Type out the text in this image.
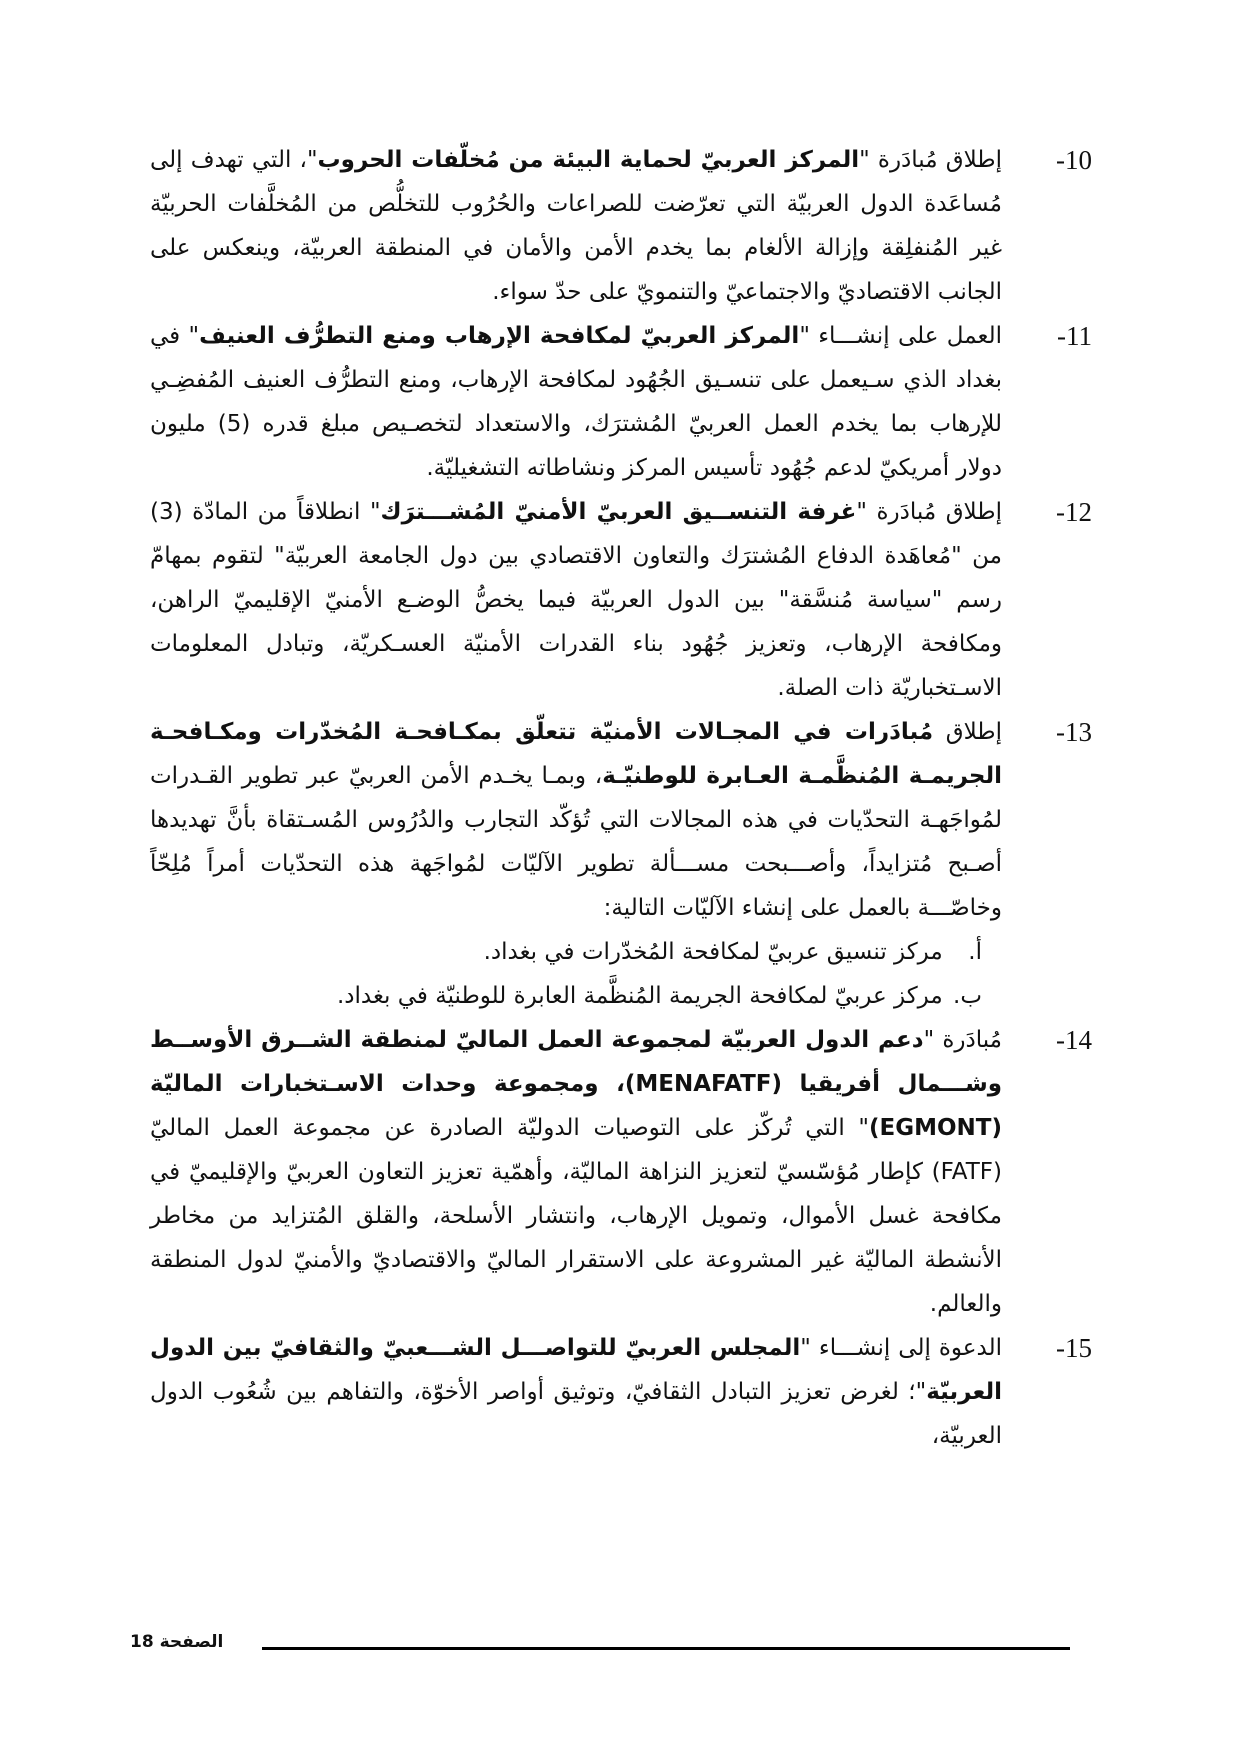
-10

إطلاق مُبادَرة "المركز العربيّ لحماية البيئة من مُخلّفات الحروب"، التي تهدف إلى مُساعَدة الدول العربيّة التي تعرّضت للصراعات والحُرُوب للتخلُّص من المُخلَّفات الحربيّة غير المُنفلِقة وإزالة الألغام بما يخدم الأمن والأمان في المنطقة العربيّة، وينعكس على الجانب الاقتصاديّ والاجتماعيّ والتنمويّ على حدّ سواء.

-11

العمل على إنشـــاء "المركز العربيّ لمكافحة الإرهاب ومنع التطرُّف العنيف" في بغداد الذي سـيعمل على تنسـيق الجُهُود لمكافحة الإرهاب، ومنع التطرُّف العنيف المُفضِـي للإرهاب بما يخدم العمل العربيّ المُشترَك، والاستعداد لتخصـيص مبلغ قدره (5) مليون دولار أمريكيّ لدعم جُهُود تأسيس المركز ونشاطاته التشغيليّة.

-12

إطلاق مُبادَرة "غرفة التنســيق العربيّ الأمنيّ المُشـــترَك" انطلاقاً من المادّة (3) من "مُعاهَدة الدفاع المُشترَك والتعاون الاقتصادي بين دول الجامعة العربيّة" لتقوم بمهامّ رسم "سياسة مُنسَّقة" بين الدول العربيّة فيما يخصُّ الوضـع الأمنيّ الإقليميّ الراهن، ومكافحة الإرهاب، وتعزيز جُهُود بناء القدرات الأمنيّة العسـكريّة، وتبادل المعلومات الاسـتخباريّة ذات الصلة.

-13

إطلاق مُبادَرات في المجـالات الأمنيّة تتعلّق بمكـافحـة المُخدّرات ومكـافحـة الجريمـة المُنظَّمـة العـابرة للوطنيّـة، وبمـا يخـدم الأمن العربيّ عبر تطوير القـدرات لمُواجَهـة التحدّيات في هذه المجالات التي تُؤكّد التجارب والدُرُوس المُسـتقاة بأنَّ تهديدها أصـبح مُتزايداً، وأصـــبحت مســـألة تطوير الآليّات لمُواجَهة هذه التحدّيات أمراً مُلِحّاً وخاصّـــة بالعمل على إنشاء الآليّات التالية:

أ. مركز تنسيق عربيّ لمكافحة المُخدّرات في بغداد.
ب. مركز عربيّ لمكافحة الجريمة المُنظَّمة العابرة للوطنيّة في بغداد.
-14

مُبادَرة "دعم الدول العربيّة لمجموعة العمل الماليّ لمنطقة الشــرق الأوســط وشـــمال أفريقيا (MENAFATF)، ومجموعة وحدات الاسـتخبارات الماليّة (EGMONT)" التي تُركّز على التوصيات الدوليّة الصادرة عن مجموعة العمل الماليّ (FATF) كإطار مُؤسّسيّ لتعزيز النزاهة الماليّة، وأهمّية تعزيز التعاون العربيّ والإقليميّ في مكافحة غسل الأموال، وتمويل الإرهاب، وانتشار الأسلحة، والقلق المُتزايد من مخاطر الأنشطة الماليّة غير المشروعة على الاستقرار الماليّ والاقتصاديّ والأمنيّ لدول المنطقة والعالم.

-15

الدعوة إلى إنشـــاء "المجلس العربيّ للتواصـــل الشـــعبيّ والثقافيّ بين الدول العربيّة"؛ لغرض تعزيز التبادل الثقافيّ، وتوثيق أواصر الأخوّة، والتفاهم بين شُعُوب الدول العربيّة،

الصفحة 18
